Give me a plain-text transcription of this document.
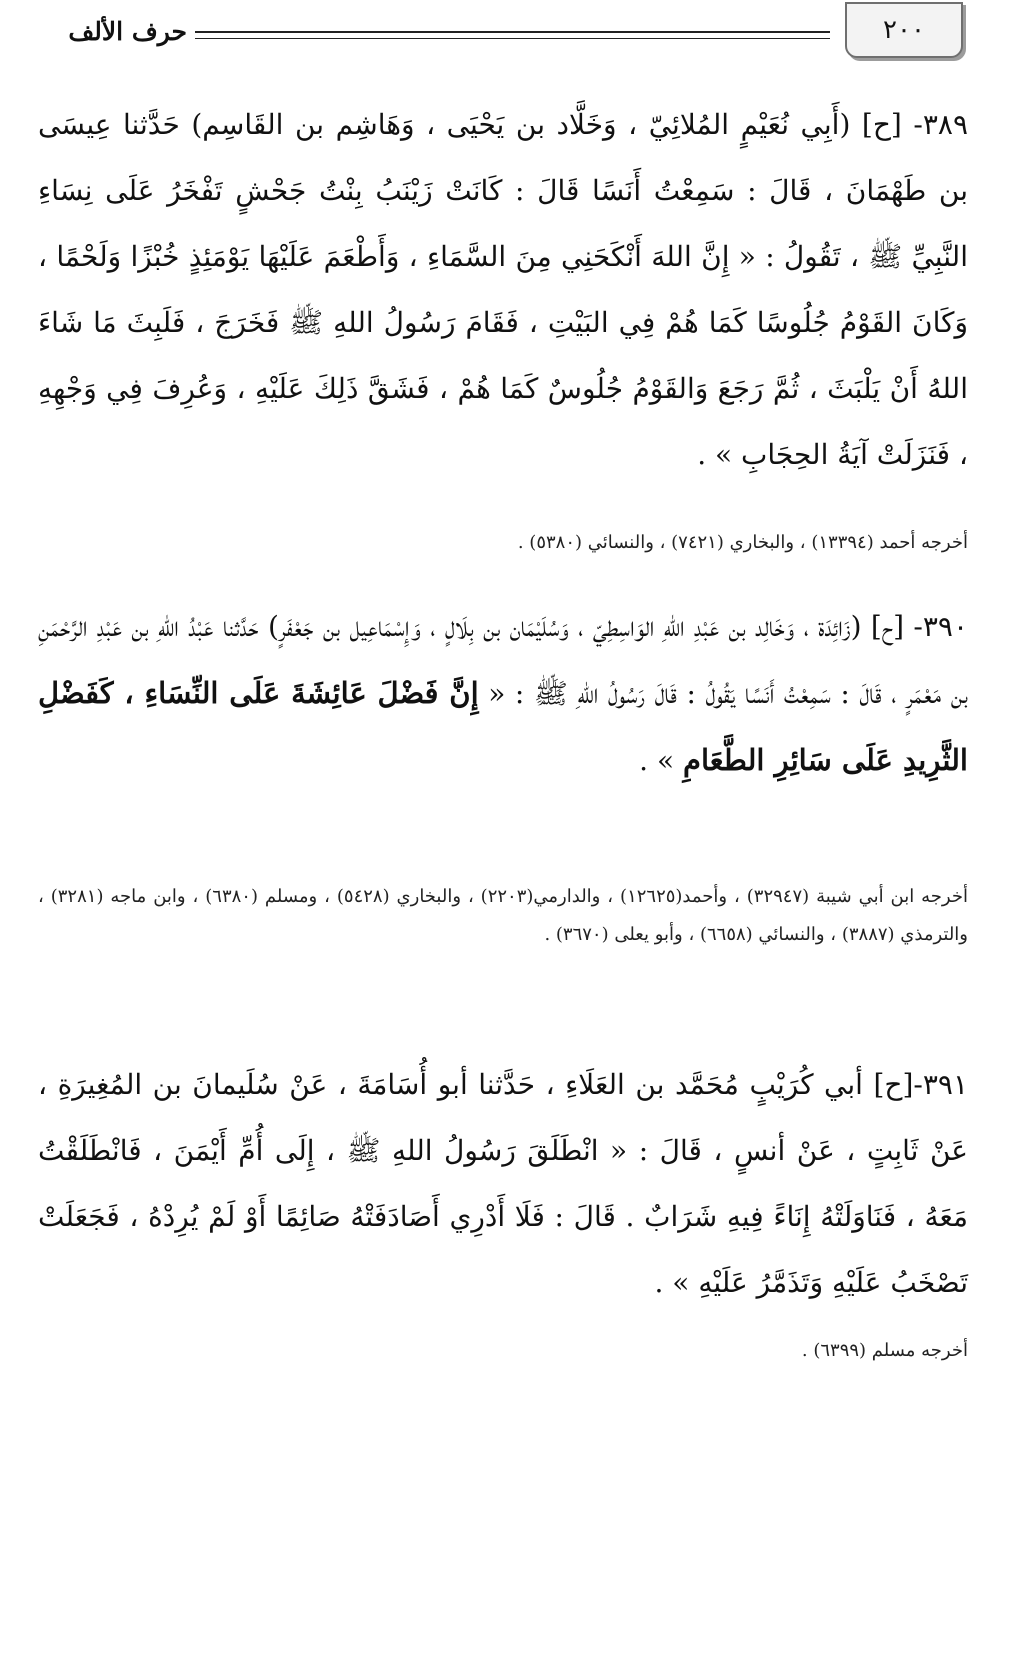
٢٠٠
حرف الألف

٣٨٩- [ح] (أَبِي نُعَيْمٍ المُلائِيّ ، وَخَلَّاد بن يَحْيَى ، وَهَاشِم بن القَاسِم) حَدَّثنا عِيسَى بن طَهْمَانَ ، قَالَ : سَمِعْتُ أَنَسًا قَالَ : كَانَتْ زَيْنَبُ بِنْتُ جَحْشٍ تَفْخَرُ عَلَى نِسَاءِ النَّبِيِّ ﷺ ، تَقُولُ : « إِنَّ اللهَ أَنْكَحَنِي مِنَ السَّمَاءِ ، وَأَطْعَمَ عَلَيْهَا يَوْمَئِذٍ خُبْزًا وَلَحْمًا ، وَكَانَ القَوْمُ جُلُوسًا كَمَا هُمْ فِي البَيْتِ ، فَقَامَ رَسُولُ اللهِ ﷺ فَخَرَجَ ، فَلَبِثَ مَا شَاءَ اللهُ أَنْ يَلْبَثَ ، ثُمَّ رَجَعَ وَالقَوْمُ جُلُوسٌ كَمَا هُمْ ، فَشَقَّ ذَلِكَ عَلَيْهِ ، وَعُرِفَ فِي وَجْهِهِ ، فَنَزَلَتْ آيَةُ الحِجَابِ » .

أخرجه أحمد (١٣٣٩٤) ، والبخاري (٧٤٢١) ، والنسائي (٥٣٨٠) .

٣٩٠- [ح] (زَائِدَة ، وَخَالِد بن عَبْدِ اللهِ الوَاسِطِيّ ، وَسُلَيْمَان بن بِلَالٍ ، وَإِسْمَاعِيل بن جَعْفَرٍ) حَدَّثنا عَبْدُ اللهِ بن عَبْدِ الرَّحْمَنِ بن مَعْمَرٍ ، قَالَ : سَمِعْتُ أَنَسًا يَقُولُ : قَالَ رَسُولُ اللهِ ﷺ : « إِنَّ فَضْلَ عَائِشَةَ عَلَى النِّسَاءِ ، كَفَضْلِ الثَّرِيدِ عَلَى سَائِرِ الطَّعَامِ » .

أخرجه ابن أبي شيبة (٣٢٩٤٧) ، وأحمد(١٢٦٢٥) ، والدارمي(٢٢٠٣) ، والبخاري (٥٤٢٨) ، ومسلم (٦٣٨٠) ، وابن ماجه (٣٢٨١) ، والترمذي (٣٨٨٧) ، والنسائي (٦٦٥٨) ، وأبو يعلى (٣٦٧٠) .

٣٩١-[ح] أبي كُرَيْبٍ مُحَمَّد بن العَلَاءِ ، حَدَّثنا أبو أُسَامَةَ ، عَنْ سُلَيمانَ بن المُغِيرَةِ ، عَنْ ثَابِتٍ ، عَنْ أنسٍ ، قَالَ : « انْطَلَقَ رَسُولُ اللهِ ﷺ ، إِلَى أُمِّ أَيْمَنَ ، فَانْطَلَقْتُ مَعَهُ ، فَنَاوَلَتْهُ إِنَاءً فِيهِ شَرَابٌ . قَالَ : فَلَا أَدْرِي أَصَادَفَتْهُ صَائِمًا أَوْ لَمْ يُرِدْهُ ، فَجَعَلَتْ تَصْخَبُ عَلَيْهِ وَتَذَمَّرُ عَلَيْهِ » .

أخرجه مسلم (٦٣٩٩) .
